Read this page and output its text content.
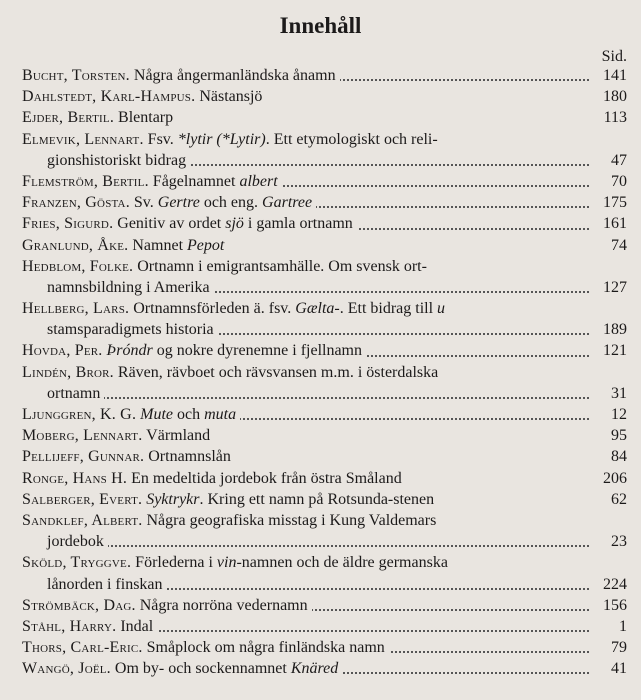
Innehåll
Sid.
Bucht, Torsten. Några ångermanländska ånamn	141
Dahlstedt, Karl-Hampus. Nästansjö	180
Ejder, Bertil. Blentarp	113
Elmevik, Lennart. Fsv. *lytir (*Lytir). Ett etymologiskt och reli-
gionshistoriskt bidrag	47
Flemström, Bertil. Fågelnamnet albert	70
Franzen, Gösta. Sv. Gertre och eng. Gartree	175
Fries, Sigurd. Genitiv av ordet sjö i gamla ortnamn	161
Granlund, Åke. Namnet Pepot	74
Hedblom, Folke. Ortnamn i emigrantsamhälle. Om svensk ort-
namnsbildning i Amerika	127
Hellberg, Lars. Ortnamnsförleden ä. fsv. Gælta-. Ett bidrag till u
stamsparadigmets historia	189
Hovda, Per. Þróndr og nokre dyrenemne i fjellnamn	121
Lindén, Bror. Räven, rävboet och rävsvansen m.m. i österdalska
ortnamn	31
Ljunggren, K. G. Mute och muta	12
Moberg, Lennart. Värmland	95
Pellijeff, Gunnar. Ortnamnslån	84
Ronge, Hans H. En medeltida jordebok från östra Småland	206
Salberger, Evert. Syktrykr. Kring ett namn på Rotsunda-stenen	62
Sandklef, Albert. Några geografiska misstag i Kung Valdemars
jordebok	23
Sköld, Tryggve. Förlederna i vin-namnen och de äldre germanska
lånorden i finskan	224
Strömbäck, Dag. Några norröna vedernamn	156
Ståhl, Harry. Indal	1
Thors, Carl-Eric. Småplock om några finländska namn	79
Wangö, Joël. Om by- och sockennamnet Knäred	41
